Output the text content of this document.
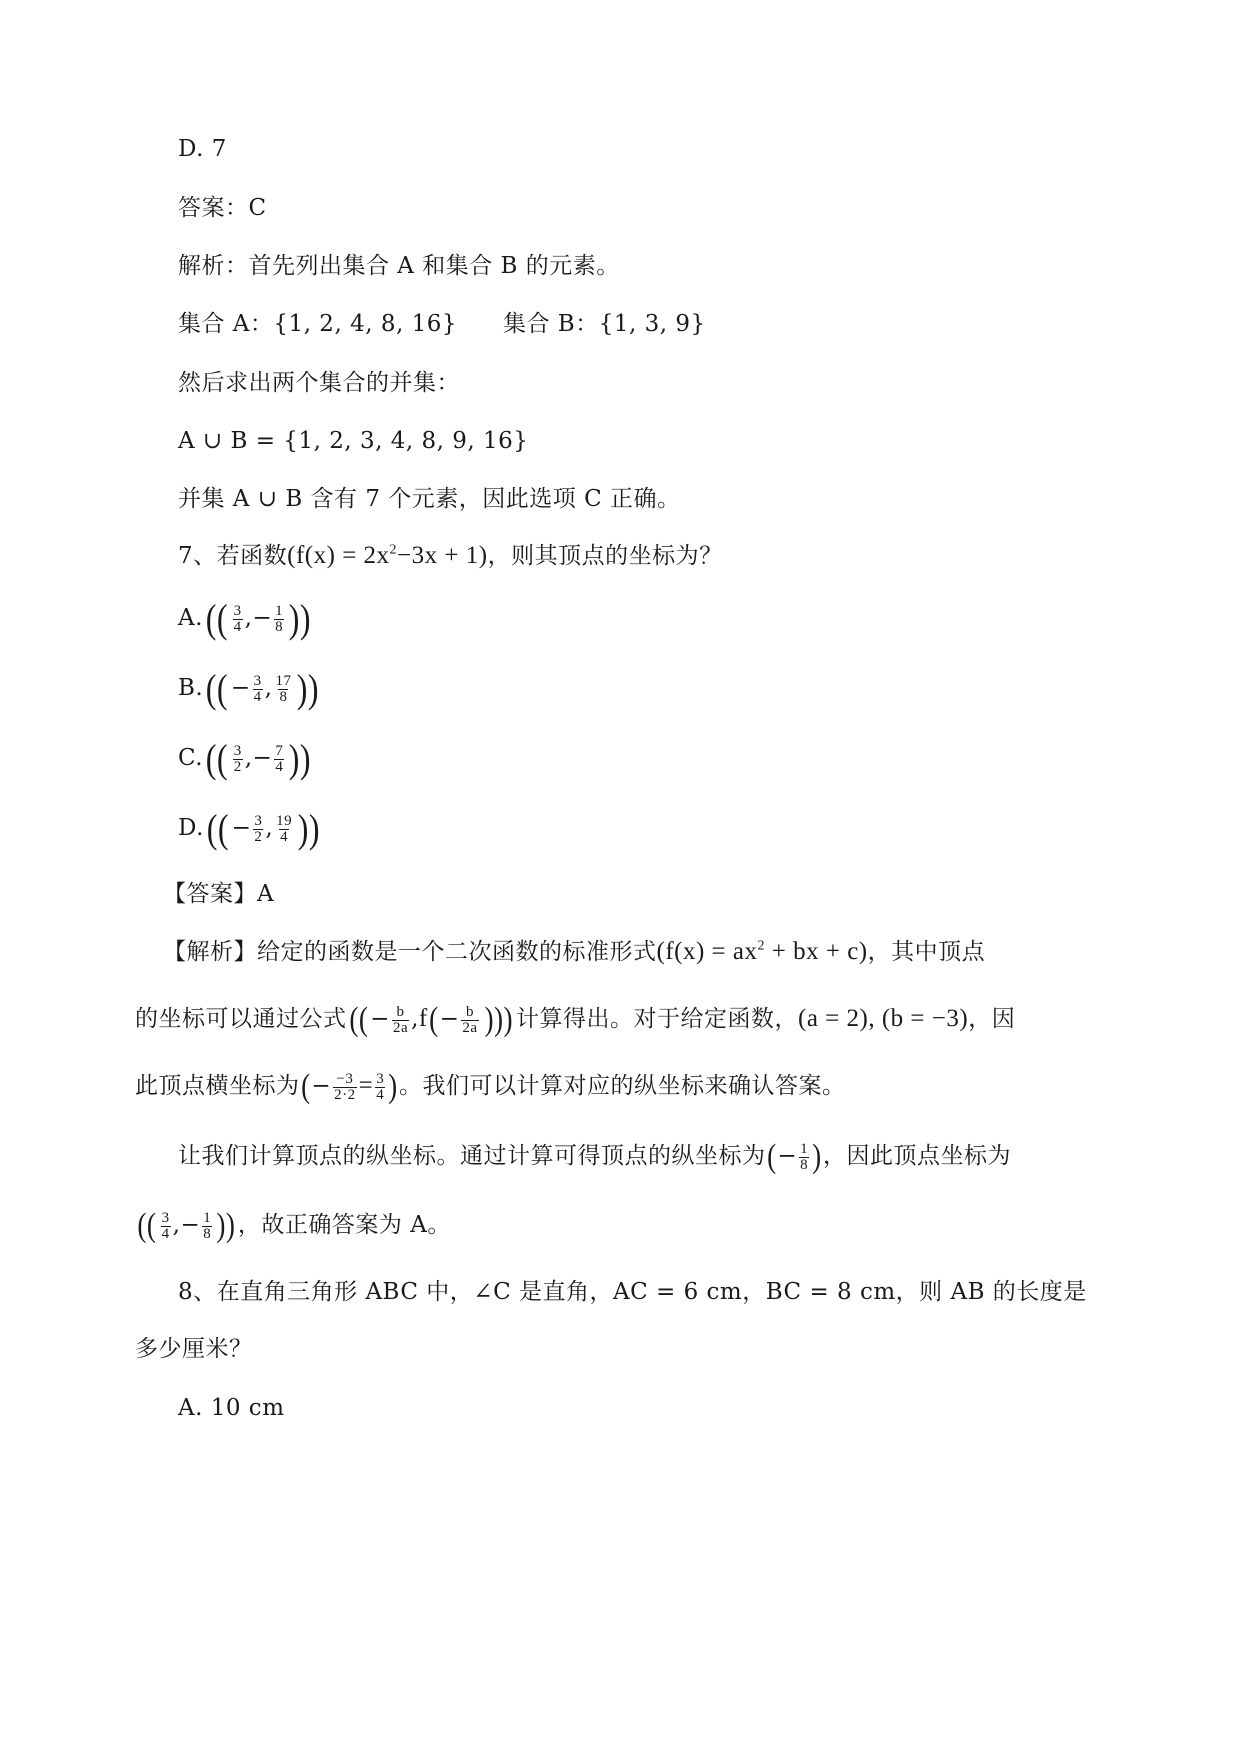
D. 7
答案：C
解析：首先列出集合 A 和集合 B 的元素。
集合 A：{1, 2, 4, 8, 16} 集合 B：{1, 3, 9}
然后求出两个集合的并集：
A ∪ B = {1, 2, 3, 4, 8, 9, 16}
并集 A ∪ B 含有 7 个元素，因此选项 C 正确。
7、若函数$(f(x) = 2x^2-3x + 1)$，则其顶点的坐标为？
$A.(( \frac{3}{4}$ ,− $\frac{1}{8}$ ))
$B.(( - \frac{3}{4}$ , $\frac{17}{8}$ ))
$C.(( \frac{3}{2}$ ,− $\frac{7}{4}$ ))
$D.(( - \frac{3}{2}$ , $\frac{19}{4}$ ))
【答案】A
【解析】给定的函数是一个二次函数的标准形式($f(x) = ax^2$ + bx + c)，其中顶点
的坐标可以通过公式(( − $\frac{b}{2a} ,f(- \frac{b}{2a}$ ))) 计算得出。对于给定函数，(a = 2), (b = −3)，因
此顶点横坐标为(− $\frac{-3}{2\cdot 2} = \frac{3}{4}$ )。我们可以计算对应的纵坐标来确认答案。
让我们计算顶点的纵坐标。通过计算可得顶点的纵坐标为(− $\frac{1}{8}$ )，因此顶点坐标为
(( $\frac{3}{4}$ ,− $\frac{1}{8}$ )) ，故正确答案为 A。
8、在直角三角形 ABC 中，∠C 是直角，AC = 6 cm，BC = 8 cm，则 AB 的长度是
多少厘米？
A. 10 cm
